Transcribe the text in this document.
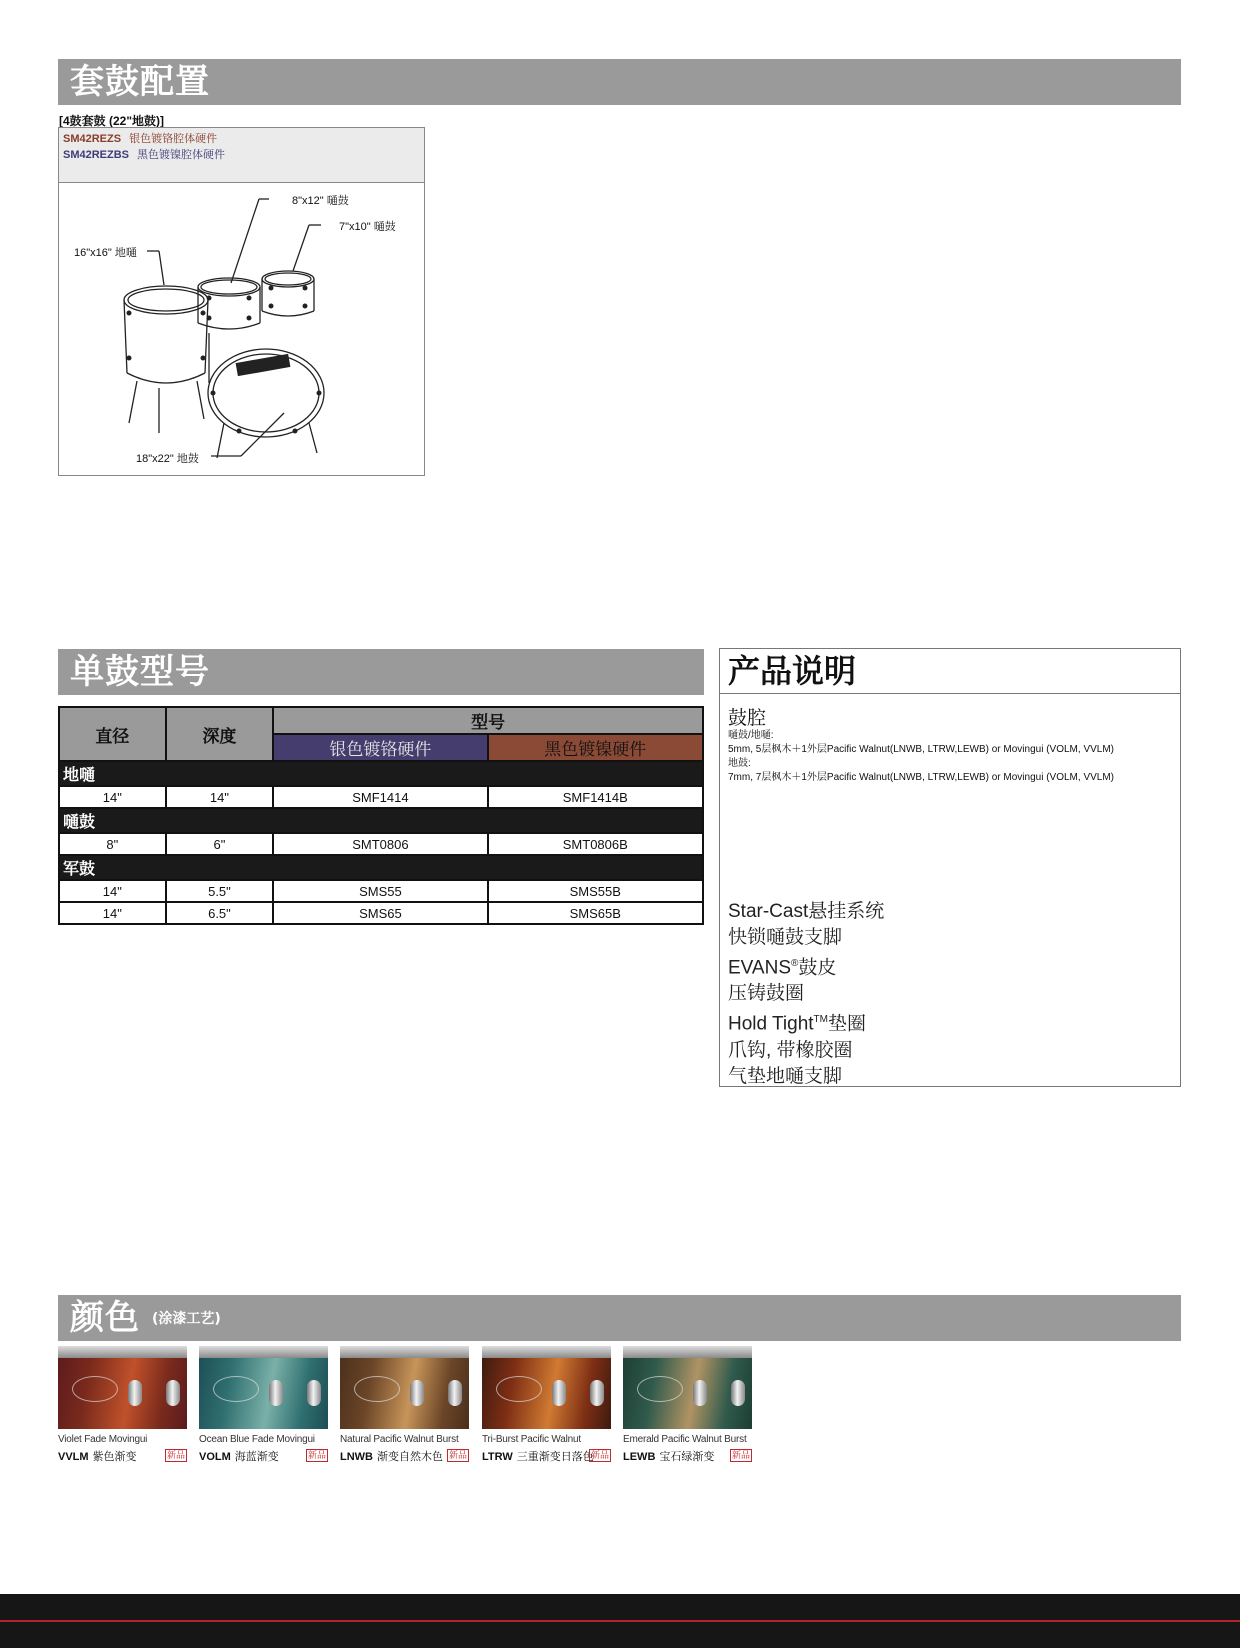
套鼓配置
[4鼓套鼓 (22"地鼓)]
SM42REZS 银色镀铬腔体硬件
SM42REZBS 黑色镀镍腔体硬件
8"x12" 嗵鼓
7"x10" 嗵鼓
16"x16" 地嗵
18"x22" 地鼓
单鼓型号
直径	深度	型号	
		银色镀铬硬件	黑色镀镍硬件
地嗵			
14"	14"	SMF1414	SMF1414B
嗵鼓			
8"	6"	SMT0806	SMT0806B
军鼓			
14"	5.5"	SMS55	SMS55B
14"	6.5"	SMS65	SMS65B
产品说明
鼓腔
嗵鼓/地嗵:
5mm, 5层枫木＋1外层Pacific Walnut(LNWB, LTRW,LEWB) or Movingui (VOLM, VVLM)
地鼓:
7mm, 7层枫木＋1外层Pacific Walnut(LNWB, LTRW,LEWB) or Movingui (VOLM, VVLM)
Star-Cast悬挂系统
快锁嗵鼓支脚
EVANS®鼓皮
压铸鼓圈
Hold Tight™垫圈
爪钩, 带橡胶圈
气垫地嗵支脚
颜色 $^{(涂漆工艺)}$
Violet Fade Movingui
VVLM 紫色渐变	新品
Ocean Blue Fade Movingui
VOLM 海蓝渐变	新品
Natural Pacific Walnut Burst
LNWB 渐变自然木色 新品
Tri-Burst Pacific Walnut
LTRW 三重渐变日落色
新品
Emerald Pacific Walnut Burst
LEWB 宝石绿渐变 新品
